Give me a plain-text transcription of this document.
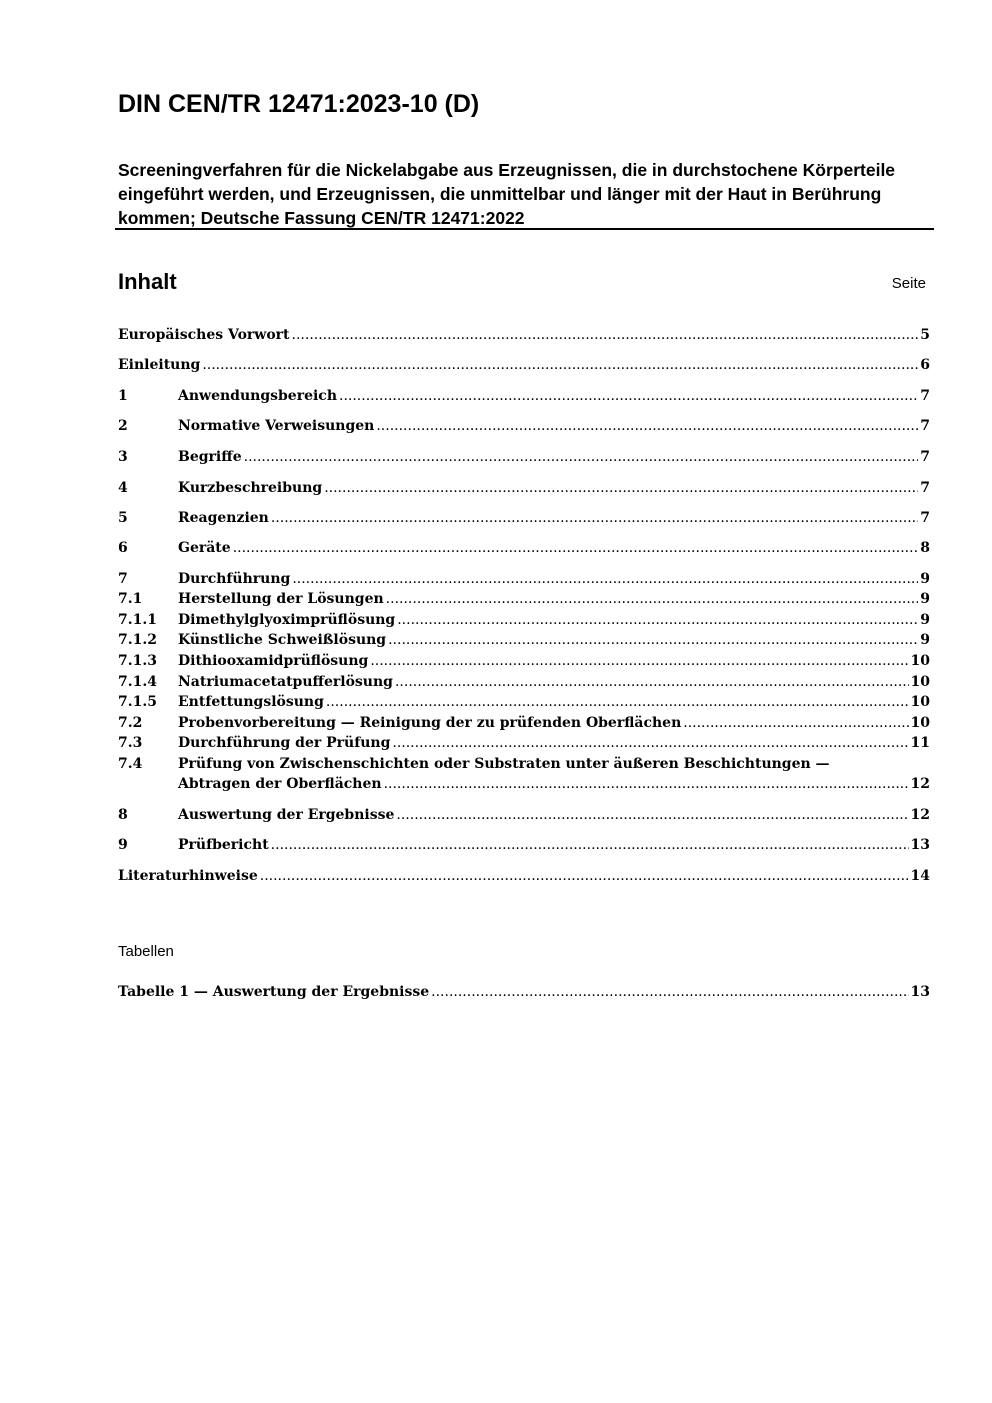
DIN CEN/TR 12471:2023-10 (D)

Screeningverfahren für die Nickelabgabe aus Erzeugnissen, die in durchstochene Körperteile eingeführt werden, und Erzeugnissen, die unmittelbar und länger mit der Haut in Berührung kommen; Deutsche Fassung CEN/TR 12471:2022

Inhalt	Seite
Europäisches Vorwort .....	5
Einleitung .....	6
1	Anwendungsbereich .....	7
2	Normative Verweisungen .....	7
3	Begriffe .....	7
4	Kurzbeschreibung .....	7
5	Reagenzien .....	7
6	Geräte .....	8
7	Durchführung .....	9
7.1	Herstellung der Lösungen .....	9
7.1.1	Dimethylglyoximprüflösung .....	9
7.1.2	Künstliche Schweißlösung .....	9
7.1.3	Dithiooxamidprüflösung .....	10
7.1.4	Natriumacetatpufferlösung .....	10
7.1.5	Entfettungslösung .....	10
7.2	Probenvorbereitung — Reinigung der zu prüfenden Oberflächen .....	10
7.3	Durchführung der Prüfung .....	11
7.4	Prüfung von Zwischenschichten oder Substraten unter äußeren Beschichtungen —
Abtragen der Oberflächen .....	12
8	Auswertung der Ergebnisse .....	12
9	Prüfbericht .....	13
Literaturhinweise .....	14
Tabellen
Tabelle 1 — Auswertung der Ergebnisse .....	13
